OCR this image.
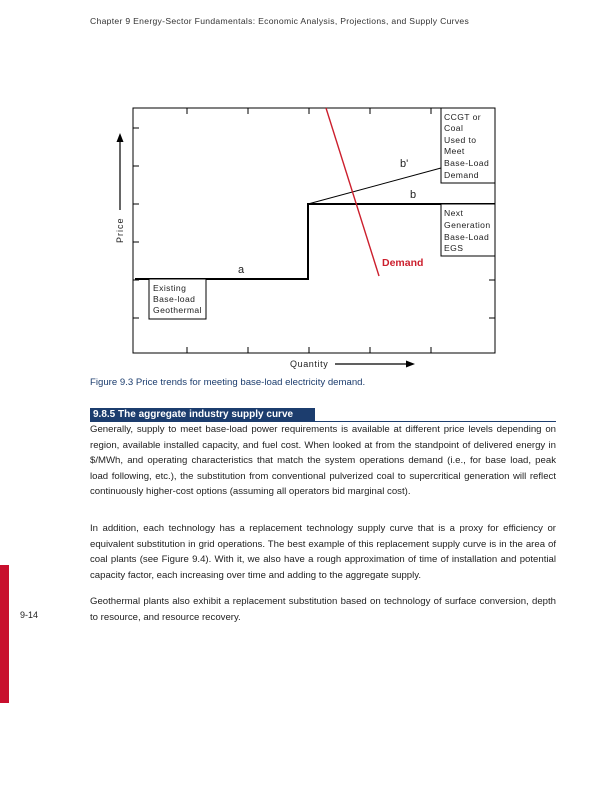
Chapter 9 Energy-Sector Fundamentals: Economic Analysis, Projections, and Supply Curves
9-14
Price
Quantity
a
b
b'
Demand
Existing
Base-load
Geothermal
CCGT or
Coal
Used to
Meet
Base-Load
Demand
Next
Generation
Base-Load
EGS
Figure 9.3 Price trends for meeting base-load electricity demand.
9.8.5 The aggregate industry supply curve

Generally, supply to meet base-load power requirements is available at different price levels depending on region, available installed capacity, and fuel cost. When looked at from the standpoint of delivered energy in $/MWh, and operating characteristics that match the system operations demand (i.e., for base load, peak load following, etc.), the substitution from conventional pulverized coal to supercritical generation will reflect continuously higher-cost options (assuming all operators bid marginal cost).

In addition, each technology has a replacement technology supply curve that is a proxy for efficiency or equivalent substitution in grid operations. The best example of this replacement supply curve is in the area of coal plants (see Figure 9.4). With it, we also have a rough approximation of time of installation and potential capacity factor, each increasing over time and adding to the aggregate supply.

Geothermal plants also exhibit a replacement substitution based on technology of surface conversion, depth to resource, and resource recovery.
